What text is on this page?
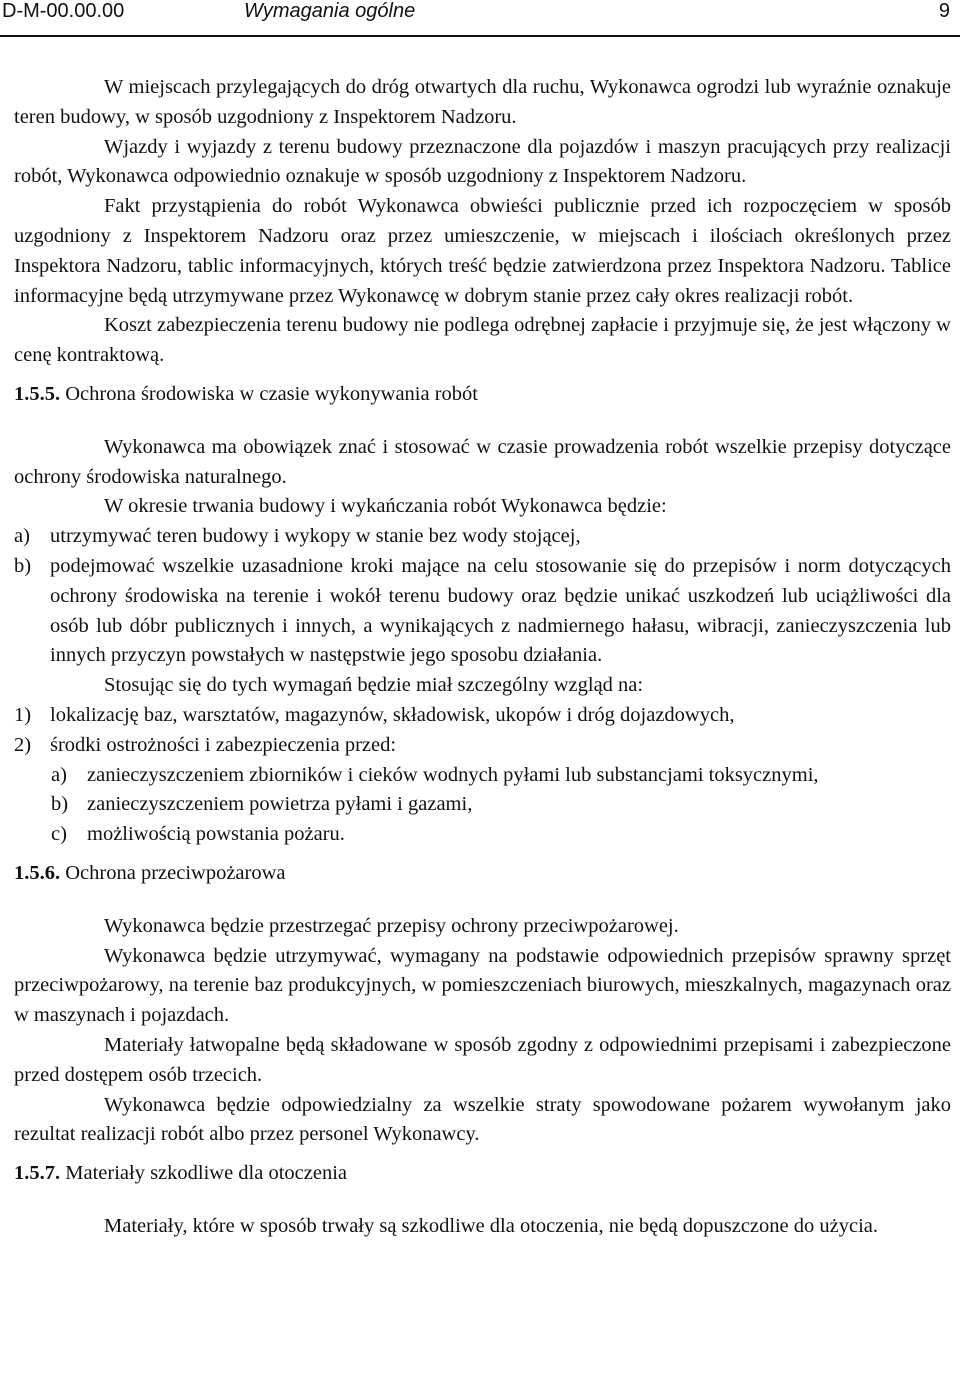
D-M-00.00.00	Wymagania ogólne	9

W miejscach przylegających do dróg otwartych dla ruchu, Wykonawca ogrodzi lub wyraźnie oznakuje teren budowy, w sposób uzgodniony z Inspektorem Nadzoru.

Wjazdy i wyjazdy z terenu budowy przeznaczone dla pojazdów i maszyn pracujących przy realizacji robót, Wykonawca odpowiednio oznakuje w sposób uzgodniony z Inspektorem Nadzoru.

Fakt przystąpienia do robót Wykonawca obwieści publicznie przed ich rozpoczęciem w sposób uzgodniony z Inspektorem Nadzoru oraz przez umieszczenie, w miejscach i ilościach określonych przez Inspektora Nadzoru, tablic informacyjnych, których treść będzie zatwierdzona przez Inspektora Nadzoru. Tablice informacyjne będą utrzymywane przez Wykonawcę w dobrym stanie przez cały okres realizacji robót.

Koszt zabezpieczenia terenu budowy nie podlega odrębnej zapłacie i przyjmuje się, że jest włączony w cenę kontraktową.

1.5.5. Ochrona środowiska w czasie wykonywania robót

Wykonawca ma obowiązek znać i stosować w czasie prowadzenia robót wszelkie przepisy dotyczące ochrony środowiska naturalnego.

W okresie trwania budowy i wykańczania robót Wykonawca będzie:

a) utrzymywać teren budowy i wykopy w stanie bez wody stojącej,
b) podejmować wszelkie uzasadnione kroki mające na celu stosowanie się do przepisów i norm dotyczących ochrony środowiska na terenie i wokół terenu budowy oraz będzie unikać uszkodzeń lub uciążliwości dla osób lub dóbr publicznych i innych, a wynikających z nadmiernego hałasu, wibracji, zanieczyszczenia lub innych przyczyn powstałych w następstwie jego sposobu działania.

Stosując się do tych wymagań będzie miał szczególny wzgląd na:

1) lokalizację baz, warsztatów, magazynów, składowisk, ukopów i dróg dojazdowych,
2) środki ostrożności i zabezpieczenia przed:
a) zanieczyszczeniem zbiorników i cieków wodnych pyłami lub substancjami toksycznymi,
b) zanieczyszczeniem powietrza pyłami i gazami,
c) możliwością powstania pożaru.
1.5.6. Ochrona przeciwpożarowa

Wykonawca będzie przestrzegać przepisy ochrony przeciwpożarowej.

Wykonawca będzie utrzymywać, wymagany na podstawie odpowiednich przepisów sprawny sprzęt przeciwpożarowy, na terenie baz produkcyjnych, w pomieszczeniach biurowych, mieszkalnych, magazynach oraz w maszynach i pojazdach.

Materiały łatwopalne będą składowane w sposób zgodny z odpowiednimi przepisami i zabezpieczone przed dostępem osób trzecich.

Wykonawca będzie odpowiedzialny za wszelkie straty spowodowane pożarem wywołanym jako rezultat realizacji robót albo przez personel Wykonawcy.

1.5.7. Materiały szkodliwe dla otoczenia

Materiały, które w sposób trwały są szkodliwe dla otoczenia, nie będą dopuszczone do użycia.
